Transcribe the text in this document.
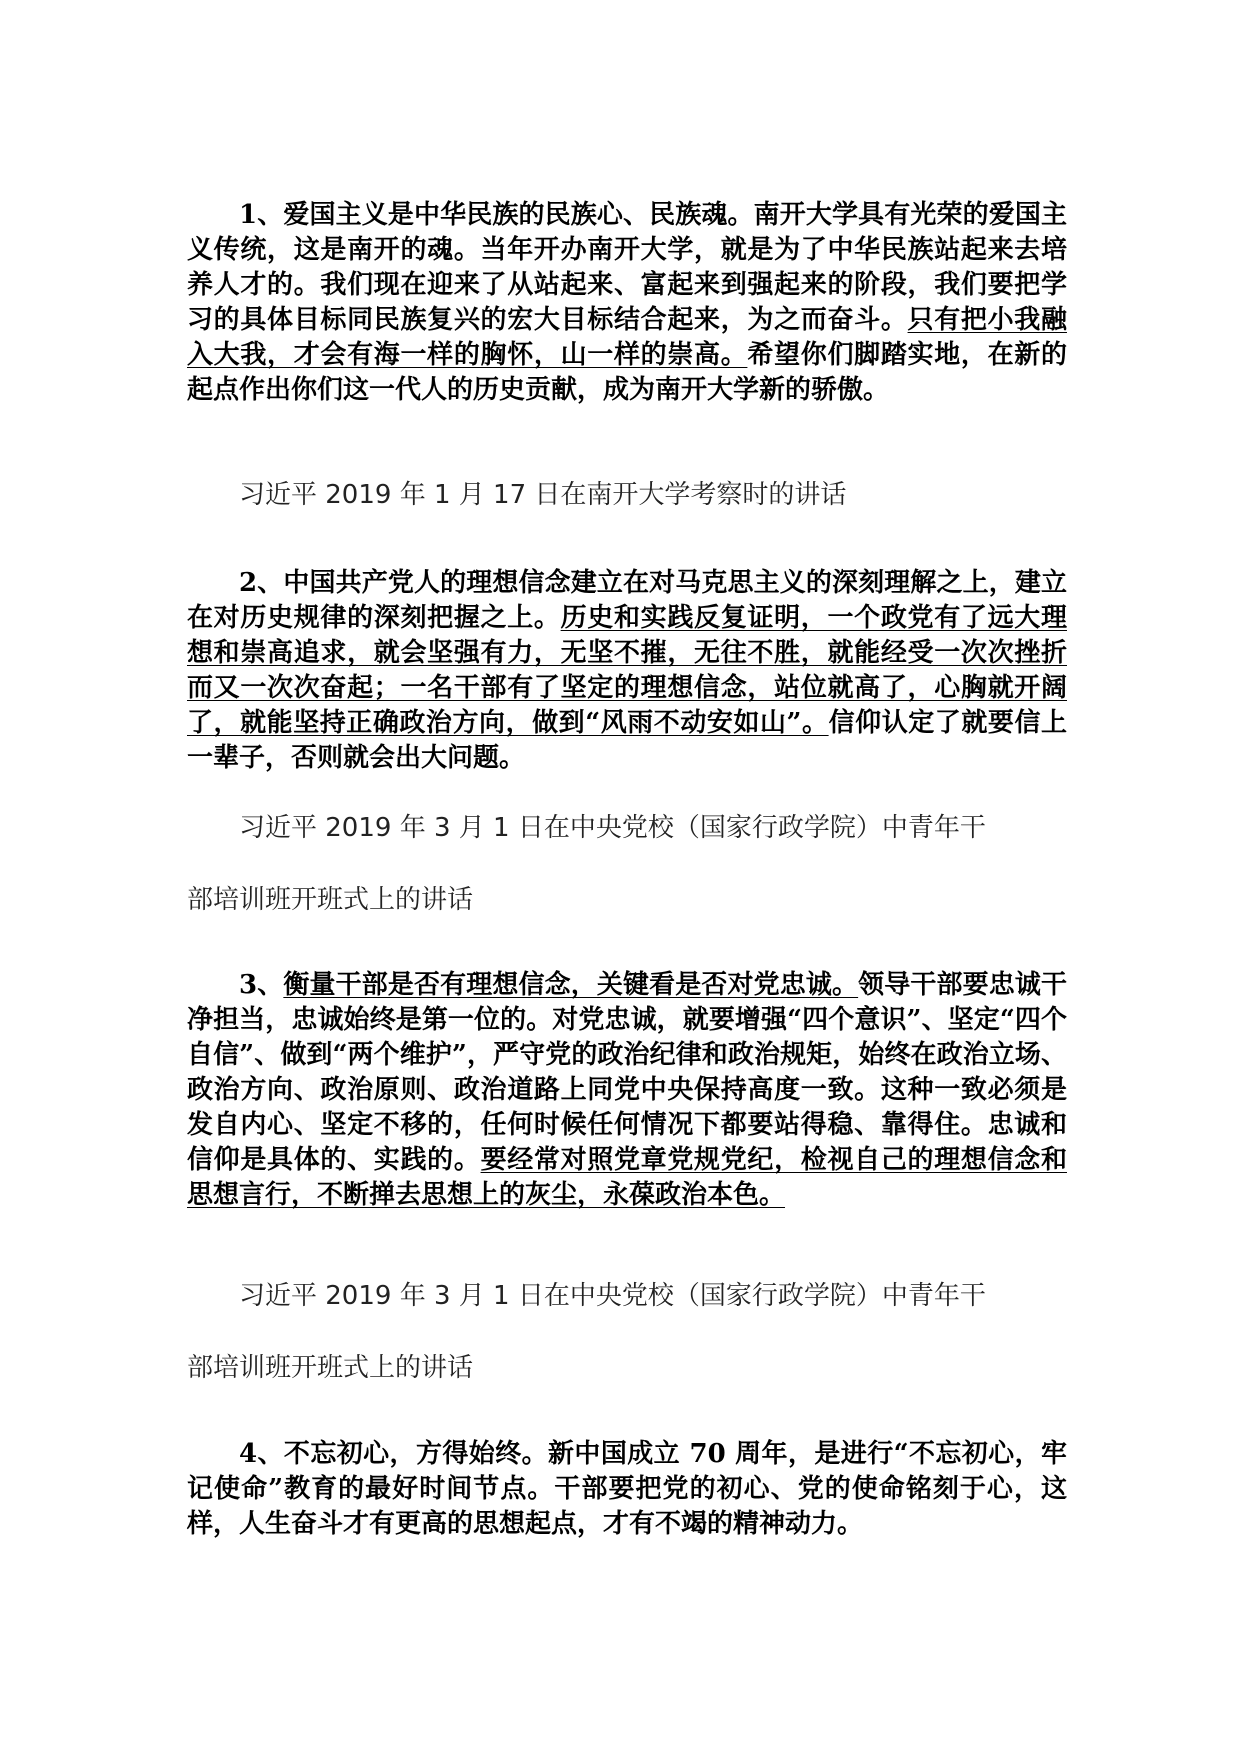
1、爱国主义是中华民族的民族心、民族魂。南开大学具有光荣的爱国主义传统，这是南开的魂。当年开办南开大学，就是为了中华民族站起来去培养人才的。我们现在迎来了从站起来、富起来到强起来的阶段，我们要把学习的具体目标同民族复兴的宏大目标结合起来，为之而奋斗。只有把小我融入大我，才会有海一样的胸怀，山一样的崇高。希望你们脚踏实地，在新的起点作出你们这一代人的历史贡献，成为南开大学新的骄傲。
习近平 2019 年 1 月 17 日在南开大学考察时的讲话
2、中国共产党人的理想信念建立在对马克思主义的深刻理解之上，建立在对历史规律的深刻把握之上。历史和实践反复证明，一个政党有了远大理想和崇高追求，就会坚强有力，无坚不摧，无往不胜，就能经受一次次挫折而又一次次奋起；一名干部有了坚定的理想信念，站位就高了，心胸就开阔了，就能坚持正确政治方向，做到“风雨不动安如山”。信仰认定了就要信上一辈子，否则就会出大问题。
习近平 2019 年 3 月 1 日在中央党校（国家行政学院）中青年干
部培训班开班式上的讲话
3、衡量干部是否有理想信念，关键看是否对党忠诚。领导干部要忠诚干净担当，忠诚始终是第一位的。对党忠诚，就要增强“四个意识”、坚定“四个自信”、做到“两个维护”，严守党的政治纪律和政治规矩，始终在政治立场、政治方向、政治原则、政治道路上同党中央保持高度一致。这种一致必须是发自内心、坚定不移的，任何时候任何情况下都要站得稳、靠得住。忠诚和信仰是具体的、实践的。要经常对照党章党规党纪，检视自己的理想信念和思想言行，不断掸去思想上的灰尘，永葆政治本色。
习近平 2019 年 3 月 1 日在中央党校（国家行政学院）中青年干
部培训班开班式上的讲话
4、不忘初心，方得始终。新中国成立 70 周年，是进行“不忘初心，牢记使命”教育的最好时间节点。干部要把党的初心、党的使命铭刻于心，这样，人生奋斗才有更高的思想起点，才有不竭的精神动力。
